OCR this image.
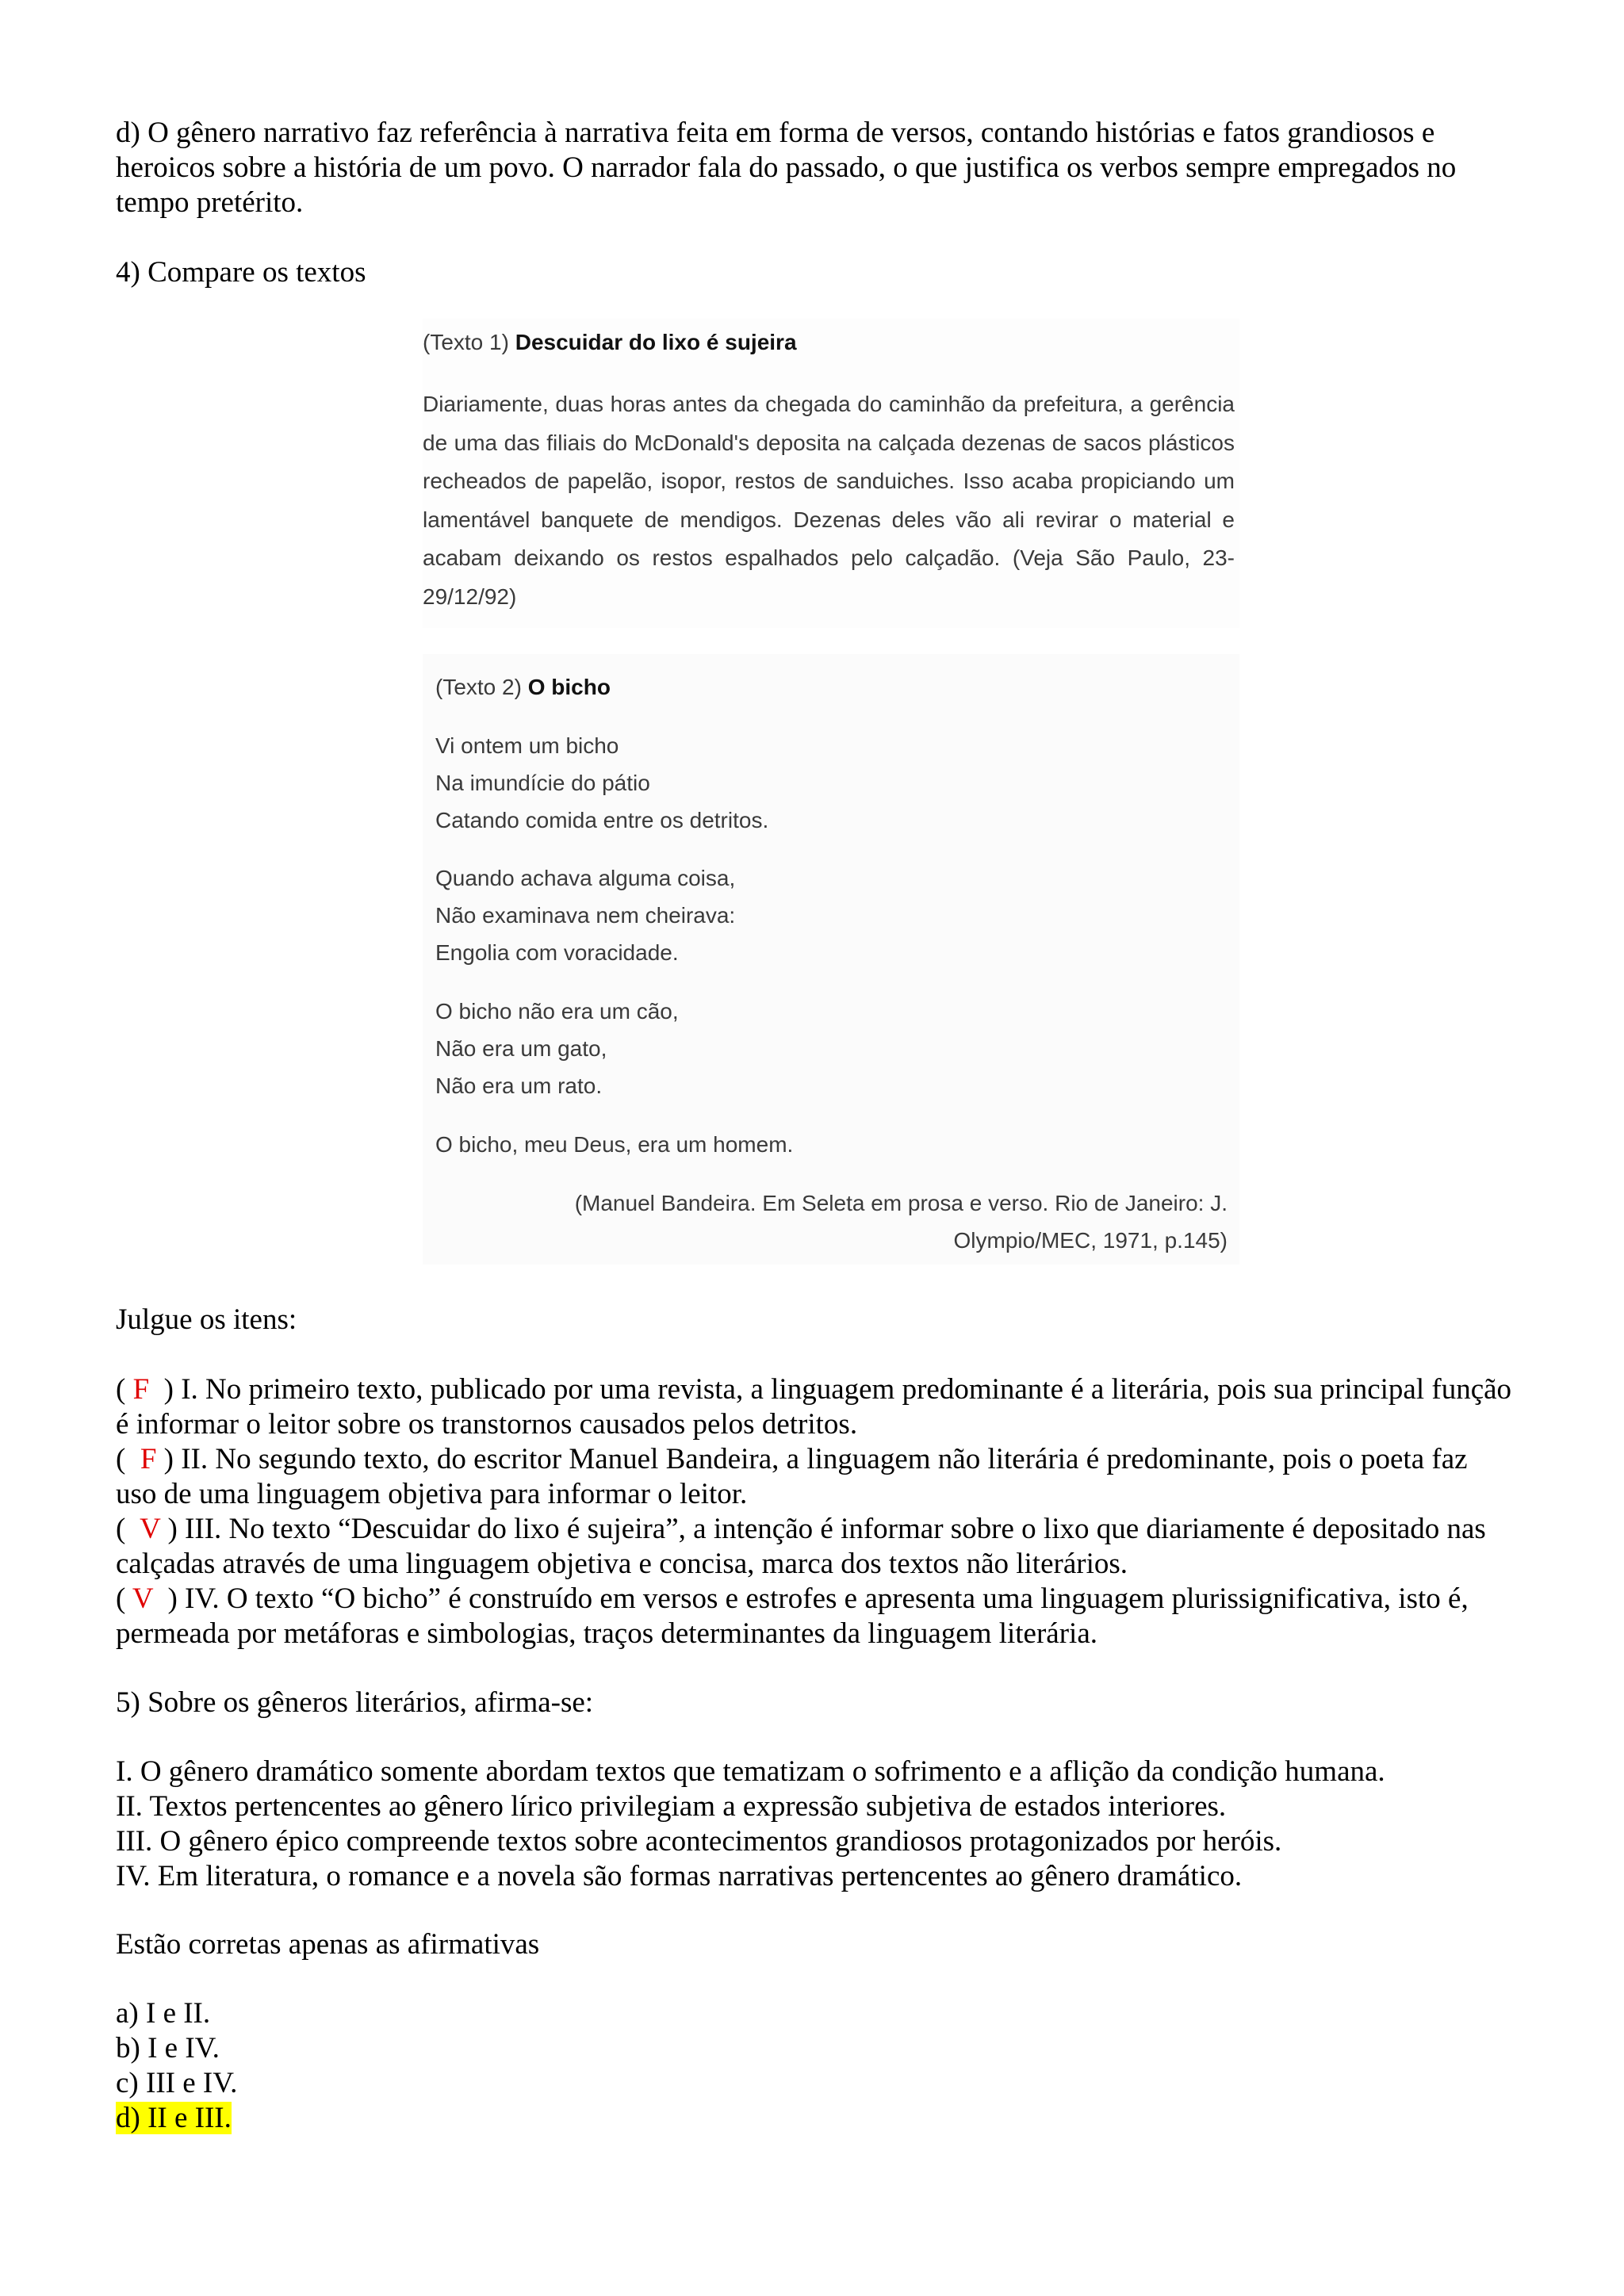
d) O gênero narrativo faz referência à narrativa feita em forma de versos, contando histórias e fatos grandiosos e

heroicos sobre a história de um povo. O narrador fala do passado, o que justifica os verbos sempre empregados no

tempo pretérito.

4) Compare os textos
(Texto 1) Descuidar do lixo é sujeira
Diariamente, duas horas antes da chegada do caminhão da prefeitura, a gerência de uma das filiais do McDonald's deposita na calçada dezenas de sacos plásticos recheados de papelão, isopor, restos de sanduiches. Isso acaba propiciando um lamentável banquete de mendigos. Dezenas deles vão ali revirar o material e acabam deixando os restos espalhados pelo calçadão. (Veja São Paulo, 23-29/12/92)
(Texto 2) O bicho
Vi ontem um bicho
Na imundície do pátio
Catando comida entre os detritos.
Quando achava alguma coisa,
Não examinava nem cheirava:
Engolia com voracidade.
O bicho não era um cão,
Não era um gato,
Não era um rato.
O bicho, meu Deus, era um homem.
(Manuel Bandeira. Em Seleta em prosa e verso. Rio de Janeiro: J.
Olympio/MEC, 1971, p.145)
Julgue os itens:

( F  ) I. No primeiro texto, publicado por uma revista, a linguagem predominante é a literária, pois sua principal função

é informar o leitor sobre os transtornos causados pelos detritos.

(  F ) II. No segundo texto, do escritor Manuel Bandeira, a linguagem não literária é predominante, pois o poeta faz

uso de uma linguagem objetiva para informar o leitor.

(  V ) III. No texto “Descuidar do lixo é sujeira”, a intenção é informar sobre o lixo que diariamente é depositado nas

calçadas através de uma linguagem objetiva e concisa, marca dos textos não literários.

( V  ) IV. O texto “O bicho” é construído em versos e estrofes e apresenta uma linguagem plurissignificativa, isto é,

permeada por metáforas e simbologias, traços determinantes da linguagem literária.

5) Sobre os gêneros literários, afirma-se:

I. O gênero dramático somente abordam textos que tematizam o sofrimento e a aflição da condição humana.

II. Textos pertencentes ao gênero lírico privilegiam a expressão subjetiva de estados interiores.

III. O gênero épico compreende textos sobre acontecimentos grandiosos protagonizados por heróis.

IV. Em literatura, o romance e a novela são formas narrativas pertencentes ao gênero dramático.

Estão corretas apenas as afirmativas

a) I e II.

b) I e IV.

c) III e IV.

d) II e III.
